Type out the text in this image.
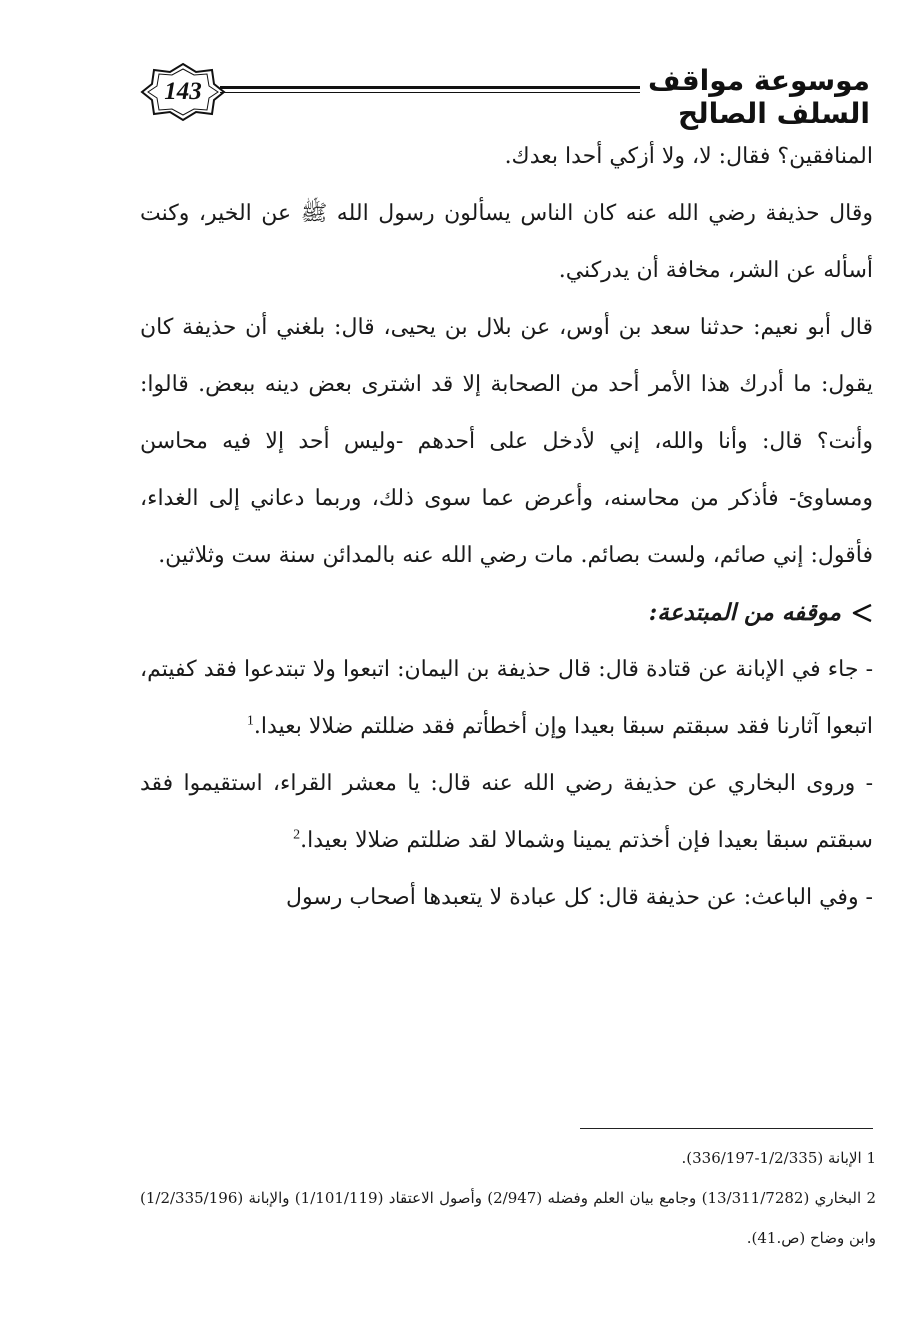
143	موسوعة مواقف السلف الصالح

المنافقين؟ فقال: لا، ولا أزكي أحدا بعدك.

وقال حذيفة رضي الله عنه كان الناس يسألون رسول الله ﷺ عن الخير، وكنت أسأله عن الشر، مخافة أن يدركني.

قال أبو نعيم: حدثنا سعد بن أوس، عن بلال بن يحيى، قال: بلغني أن حذيفة كان يقول: ما أدرك هذا الأمر أحد من الصحابة إلا قد اشترى بعض دينه ببعض. قالوا: وأنت؟ قال: وأنا والله، إني لأدخل على أحدهم -وليس أحد إلا فيه محاسن ومساوئ- فأذكر من محاسنه، وأعرض عما سوى ذلك، وربما دعاني إلى الغداء، فأقول: إني صائم، ولست بصائم. مات رضي الله عنه بالمدائن سنة ست وثلاثين.

موقفه من المبتدعة:

- جاء في الإبانة عن قتادة قال: قال حذيفة بن اليمان: اتبعوا ولا تبتدعوا فقد كفيتم، اتبعوا آثارنا فقد سبقتم سبقا بعيدا وإن أخطأتم فقد ضللتم ضلالا بعيدا.$^1$

- وروى البخاري عن حذيفة رضي الله عنه قال: يا معشر القراء، استقيموا فقد سبقتم سبقا بعيدا فإن أخذتم يمينا وشمالا لقد ضللتم ضلالا بعيدا.$^2$

- وفي الباعث: عن حذيفة قال: كل عبادة لا يتعبدها أصحاب رسول

1 الإبانة (1/2/335-336/197).

2 البخاري (13/311/7282) وجامع بيان العلم وفضله (2/947) وأصول الاعتقاد (1/101/119) والإبانة (1/2/335/196) وابن وضاح (ص.41).
